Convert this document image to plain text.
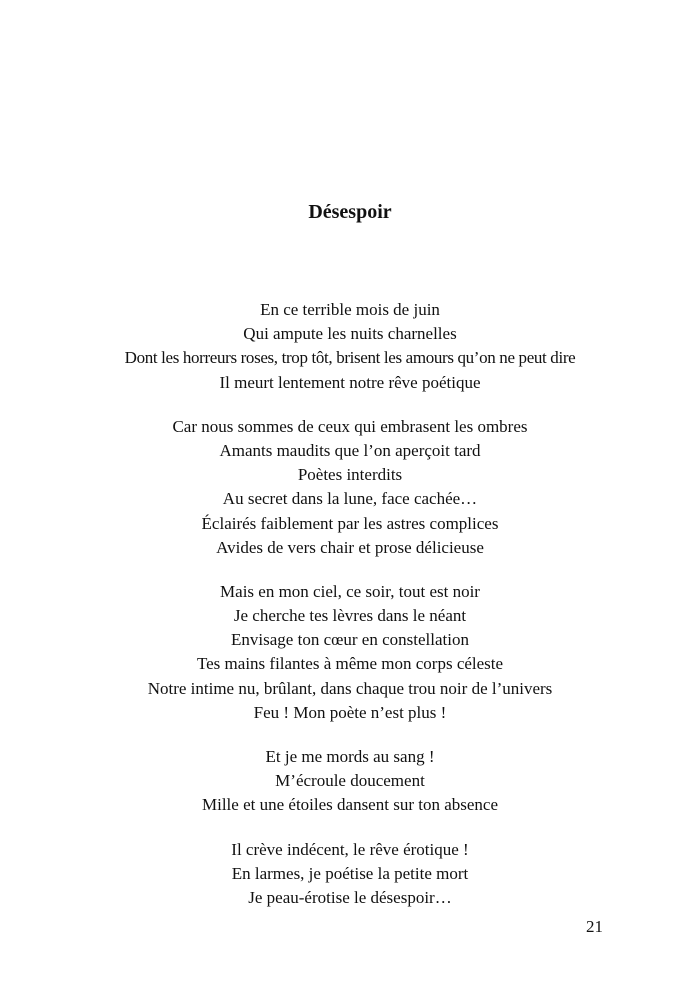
Désespoir
En ce terrible mois de juin
Qui ampute les nuits charnelles
Dont les horreurs roses, trop tôt, brisent les amours qu’on ne peut dire
Il meurt lentement notre rêve poétique
Car nous sommes de ceux qui embrasent les ombres
Amants maudits que l’on aperçoit tard
Poètes interdits
Au secret dans la lune, face cachée…
Éclairés faiblement par les astres complices
Avides de vers chair et prose délicieuse
Mais en mon ciel, ce soir, tout est noir
Je cherche tes lèvres dans le néant
Envisage ton cœur en constellation
Tes mains filantes à même mon corps céleste
Notre intime nu, brûlant, dans chaque trou noir de l’univers
Feu ! Mon poète n’est plus !
Et je me mords au sang !
M’écroule doucement
Mille et une étoiles dansent sur ton absence
Il crève indécent, le rêve érotique !
En larmes, je poétise la petite mort
Je peau-érotise le désespoir…
21
